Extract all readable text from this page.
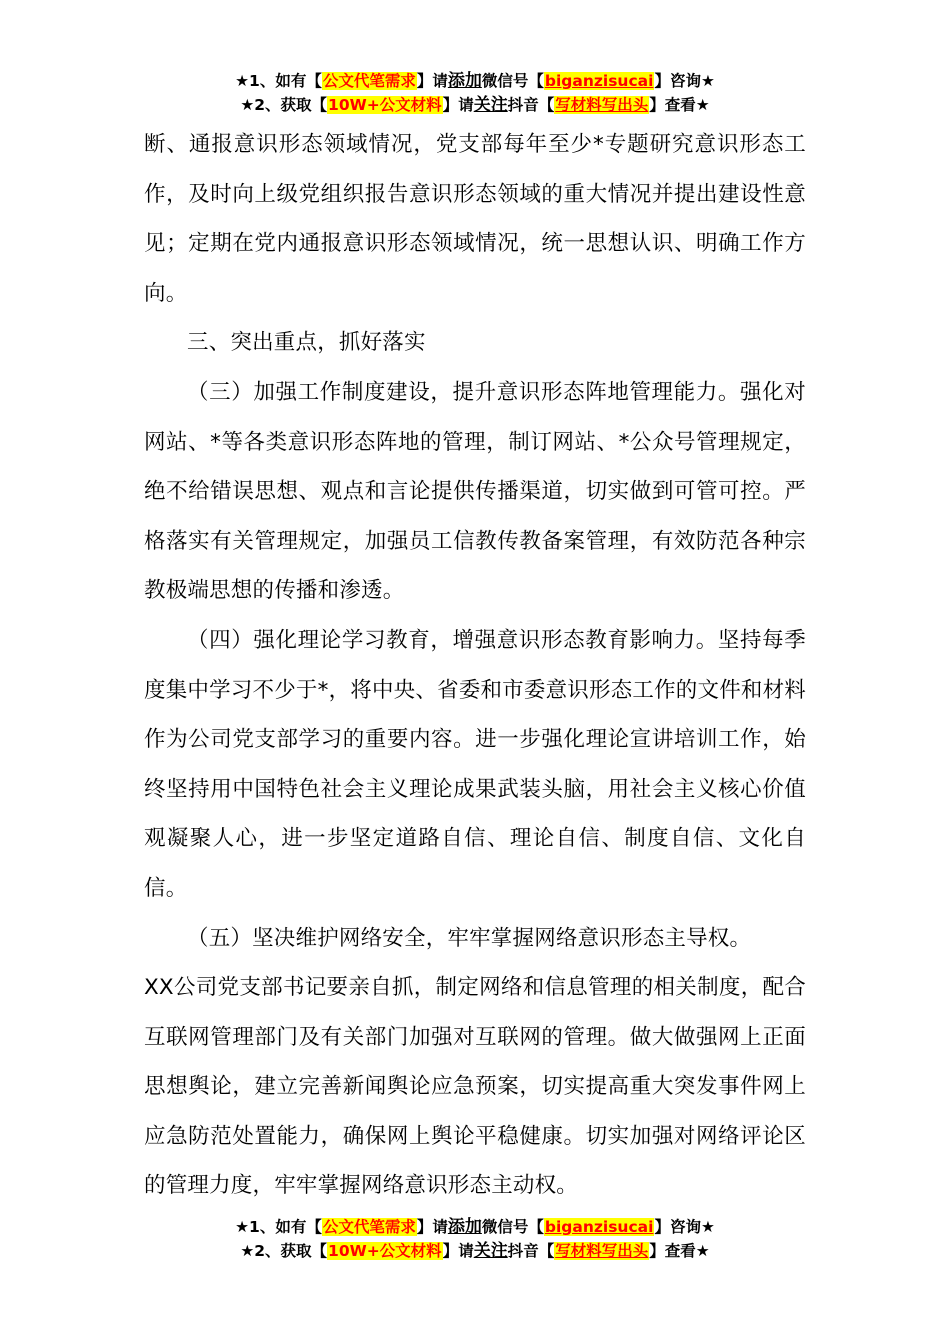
★1、如有【公文代笔需求】请添加微信号【biganzisucai】咨询★
★2、获取【10W+公文材料】请关注抖音【写材料写出头】查看★

断、通报意识形态领域情况，党支部每年至少*专题研究意识形态工作，及时向上级党组织报告意识形态领域的重大情况并提出建设性意见；定期在党内通报意识形态领域情况，统一思想认识、明确工作方向。

三、突出重点，抓好落实

（三）加强工作制度建设，提升意识形态阵地管理能力。强化对网站、*等各类意识形态阵地的管理，制订网站、*公众号管理规定，绝不给错误思想、观点和言论提供传播渠道，切实做到可管可控。严格落实有关管理规定，加强员工信教传教备案管理，有效防范各种宗教极端思想的传播和渗透。

（四）强化理论学习教育，增强意识形态教育影响力。坚持每季度集中学习不少于*，将中央、省委和市委意识形态工作的文件和材料作为公司党支部学习的重要内容。进一步强化理论宣讲培训工作，始终坚持用中国特色社会主义理论成果武装头脑，用社会主义核心价值观凝聚人心，进一步坚定道路自信、理论自信、制度自信、文化自信。

（五）坚决维护网络安全，牢牢掌握网络意识形态主导权。

XX公司党支部书记要亲自抓，制定网络和信息管理的相关制度，配合互联网管理部门及有关部门加强对互联网的管理。做大做强网上正面思想舆论，建立完善新闻舆论应急预案，切实提高重大突发事件网上应急防范处置能力，确保网上舆论平稳健康。切实加强对网络评论区的管理力度，牢牢掌握网络意识形态主动权。

★1、如有【公文代笔需求】请添加微信号【biganzisucai】咨询★
★2、获取【10W+公文材料】请关注抖音【写材料写出头】查看★
